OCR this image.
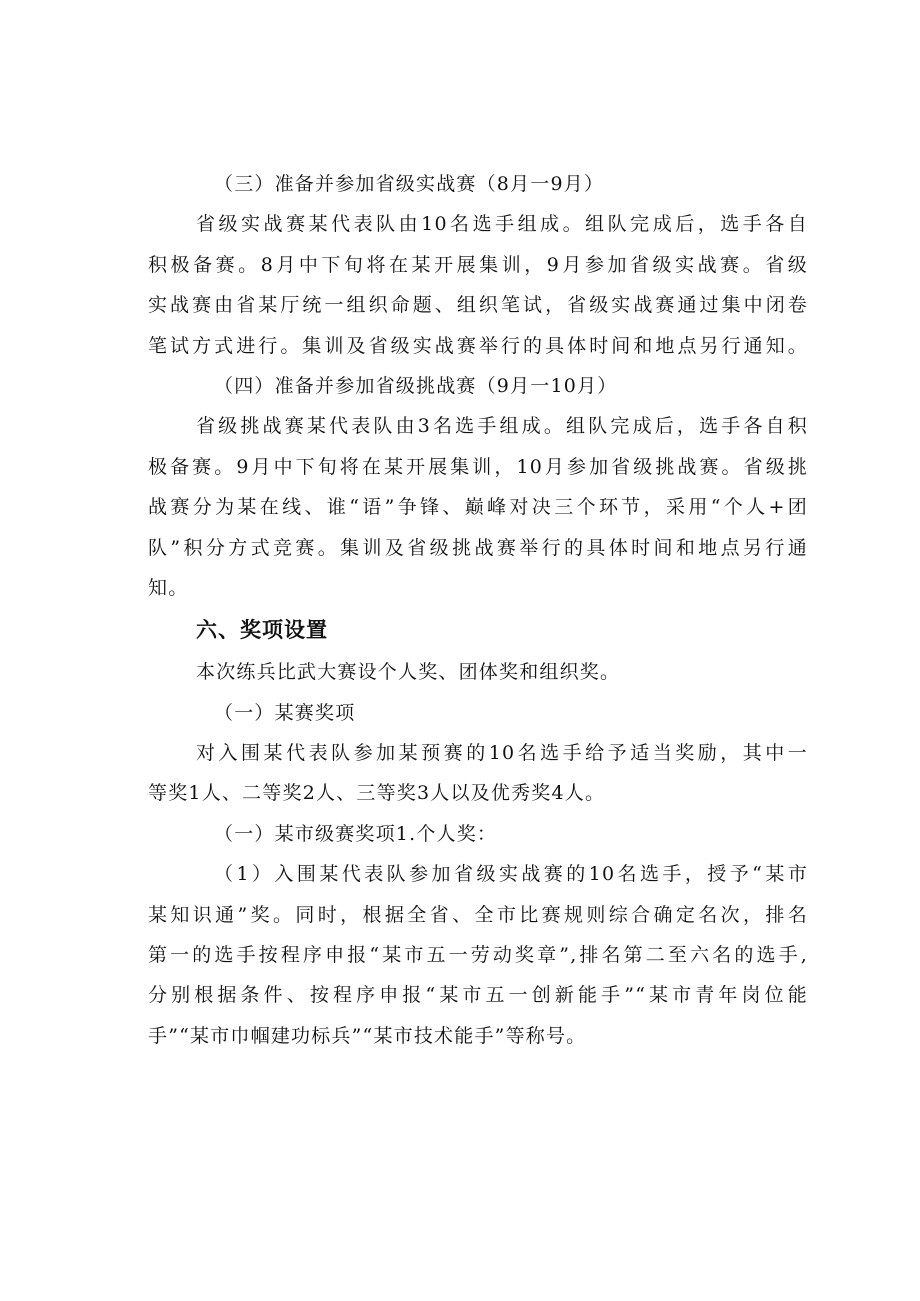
（三）准备并参加省级实战赛（8月一9月）
省级实战赛某代表队由10名选手组成。组队完成后，选手各自
积极备赛。8月中下旬将在某开展集训，9月参加省级实战赛。省级
实战赛由省某厅统一组织命题、组织笔试，省级实战赛通过集中闭卷
笔试方式进行。集训及省级实战赛举行的具体时间和地点另行通知。
（四）准备并参加省级挑战赛（9月一10月）
省级挑战赛某代表队由3名选手组成。组队完成后，选手各自积
极备赛。9月中下旬将在某开展集训，10月参加省级挑战赛。省级挑
战赛分为某在线、谁“语”争锋、巅峰对决三个环节，采用“个人+团
队”积分方式竞赛。集训及省级挑战赛举行的具体时间和地点另行通
知。
六、奖项设置
本次练兵比武大赛设个人奖、团体奖和组织奖。
（一）某赛奖项
对入围某代表队参加某预赛的10名选手给予适当奖励，其中一
等奖1人、二等奖2人、三等奖3人以及优秀奖4人。
（一）某市级赛奖项1.个人奖：
（1）入围某代表队参加省级实战赛的10名选手，授予“某市
某知识通”奖。同时，根据全省、全市比赛规则综合确定名次，排名
第一的选手按程序申报“某市五一劳动奖章”,排名第二至六名的选手,
分别根据条件、按程序申报“某市五一创新能手”“某市青年岗位能
手”“某市巾帼建功标兵”“某市技术能手”等称号。
